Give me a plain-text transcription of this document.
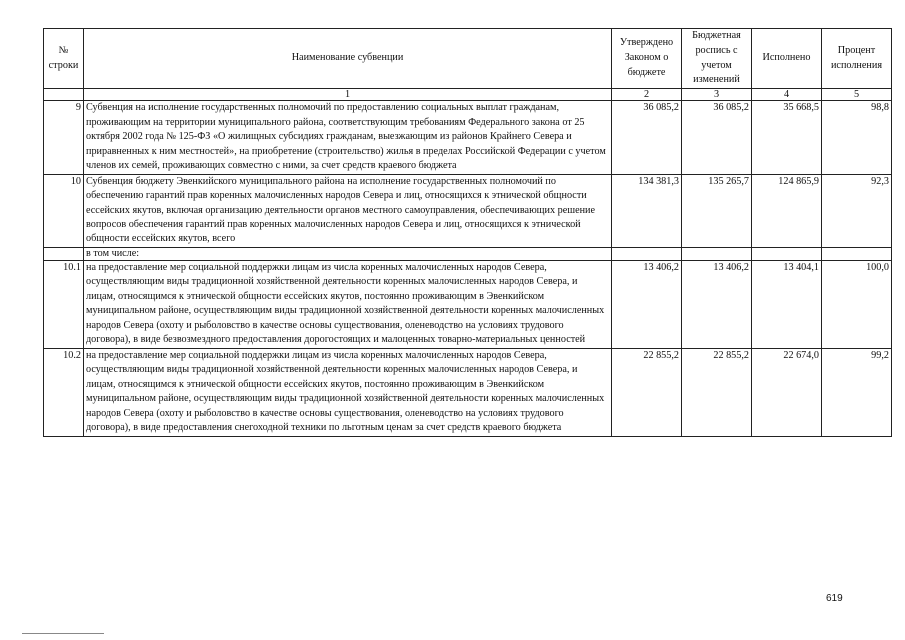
№ строки	Наименование субвенции	Утверждено Законом о бюджете	Бюджетная роспись с учетом изменений	Исполнено	Процент исполнения
	1	2	3	4	5
9	Субвенция на исполнение государственных полномочий по предоставлению социальных выплат гражданам, проживающим на территории муниципального района, соответствующим требованиям Федерального закона от 25 октября 2002 года № 125-ФЗ «О жилищных субсидиях гражданам, выезжающим из районов Крайнего Севера и приравненных к ним местностей», на приобретение (строительство) жилья в пределах Российской Федерации с учетом членов их семей, проживающих совместно с ними, за счет средств краевого бюджета	36 085,2	36 085,2	35 668,5	98,8
10	Субвенция бюджету Эвенкийского муниципального района на исполнение государственных полномочий по обеспечению гарантий прав коренных малочисленных народов Севера и лиц, относящихся к этнической общности ессейских якутов, включая организацию деятельности органов местного самоуправления, обеспечивающих решение вопросов обеспечения гарантий прав коренных малочисленных народов Севера и лиц, относящихся к этнической общности ессейских якутов, всего	134 381,3	135 265,7	124 865,9	92,3
	в том числе:				
10.1	на предоставление мер социальной поддержки лицам из числа коренных малочисленных народов Севера, осуществляющим виды традиционной хозяйственной деятельности коренных малочисленных народов Севера, и лицам, относящимся к этнической общности ессейских якутов, постоянно проживающим в Эвенкийском муниципальном районе, осуществляющим виды традиционной хозяйственной деятельности коренных малочисленных народов Севера (охоту и рыболовство в качестве основы существования, оленеводство на условиях трудового договора), в виде безвозмездного предоставления дорогостоящих и малоценных товарно-материальных ценностей	13 406,2	13 406,2	13 404,1	100,0
10.2	на предоставление мер социальной поддержки лицам из числа коренных малочисленных народов Севера, осуществляющим виды традиционной хозяйственной деятельности коренных малочисленных народов Севера, и лицам, относящимся к этнической общности ессейских якутов, постоянно проживающим в Эвенкийском муниципальном районе, осуществляющим виды традиционной хозяйственной деятельности коренных малочисленных народов Севера (охоту и рыболовство в качестве основы существования, оленеводство на условиях трудового договора), в виде предоставления снегоходной техники по льготным ценам за счет средств краевого бюджета	22 855,2	22 855,2	22 674,0	99,2
619
